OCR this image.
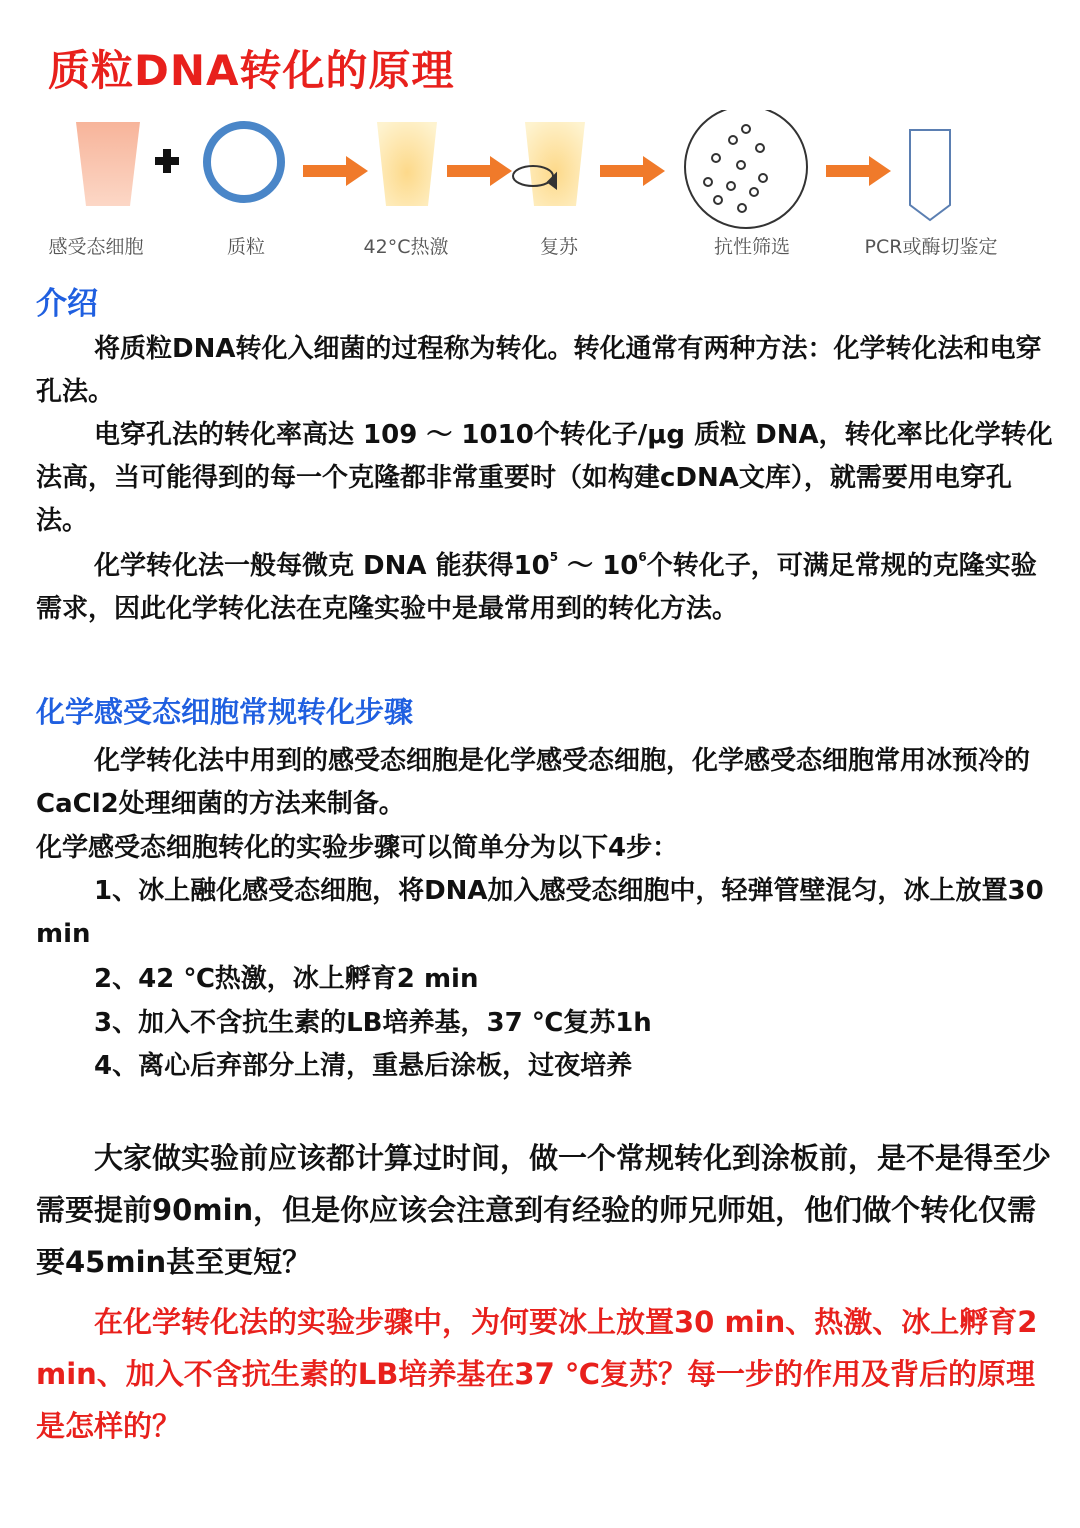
质粒DNA转化的原理
感受态细胞	质粒	42°C热激	复苏	抗性筛选	PCR或酶切鉴定
介绍

将质粒DNA转化入细菌的过程称为转化。转化通常有两种方法：化学转化法和电穿孔法。

电穿孔法的转化率高达 109 ～ 1010个转化子/μg 质粒 DNA，转化率比化学转化法高，当可能得到的每一个克隆都非常重要时（如构建cDNA文库），就需要用电穿孔法。

化学转化法一般每微克 DNA 能获得$10^5$ ～ $10^6$个转化子，可满足常规的克隆实验需求，因此化学转化法在克隆实验中是最常用到的转化方法。

化学感受态细胞常规转化步骤

化学转化法中用到的感受态细胞是化学感受态细胞，化学感受态细胞常用冰预冷的CaCl2处理细菌的方法来制备。

化学感受态细胞转化的实验步骤可以简单分为以下4步：

1、冰上融化感受态细胞，将DNA加入感受态细胞中，轻弹管壁混匀，冰上放置30 min

2、42 ℃热激，冰上孵育2 min

3、加入不含抗生素的LB培养基，37 ℃复苏1h

4、离心后弃部分上清，重悬后涂板，过夜培养

大家做实验前应该都计算过时间，做一个常规转化到涂板前，是不是得至少需要提前90min，但是你应该会注意到有经验的师兄师姐，他们做个转化仅需要45min甚至更短？

在化学转化法的实验步骤中，为何要冰上放置30 min、热激、冰上孵育2 min、加入不含抗生素的LB培养基在37 ℃复苏？每一步的作用及背后的原理是怎样的？
